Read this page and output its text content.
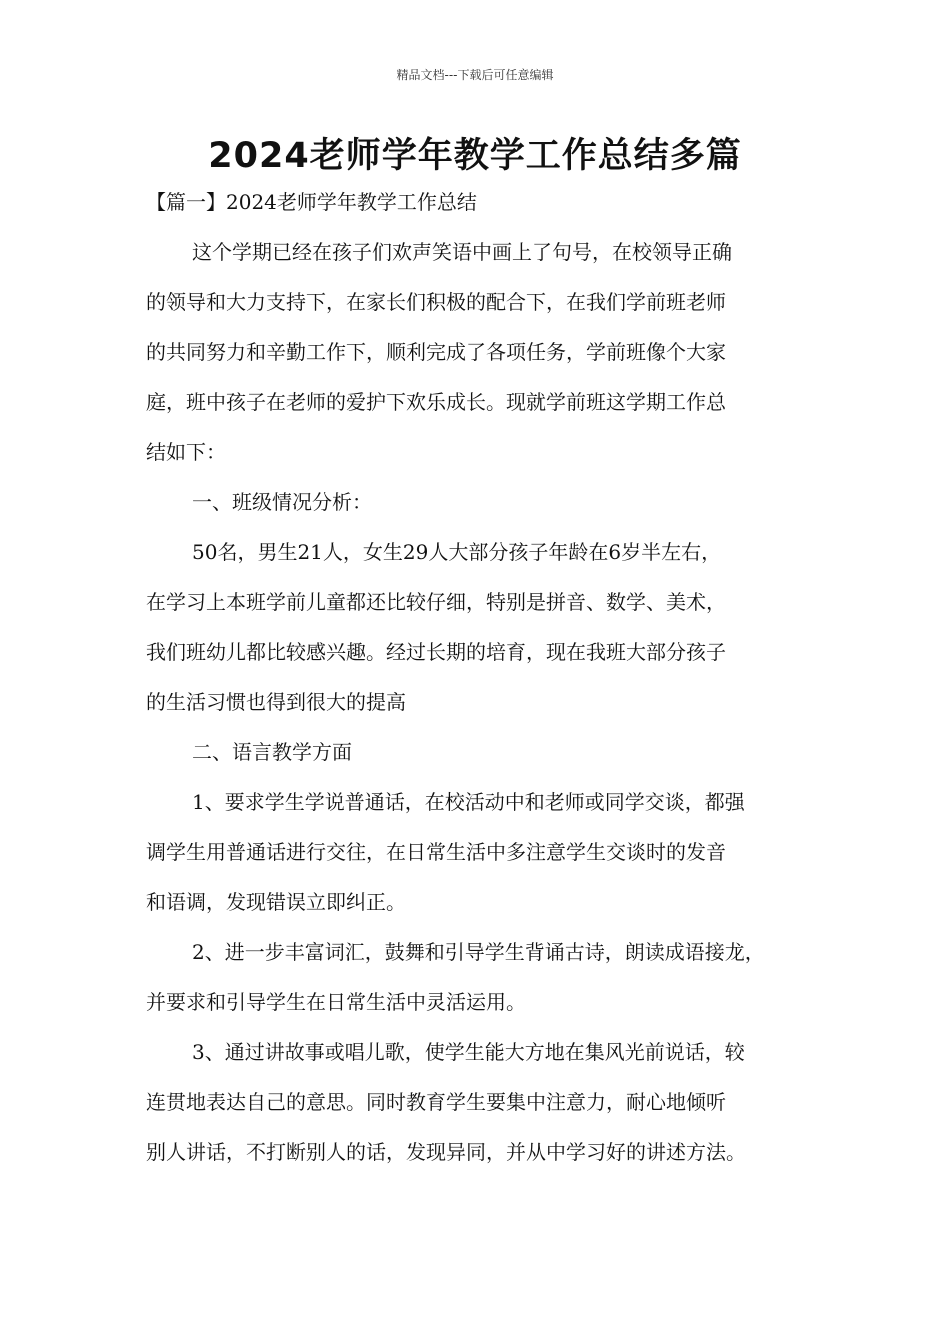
精品文档---下载后可任意编辑
2024老师学年教学工作总结多篇
【篇一】2024老师学年教学工作总结
这个学期已经在孩子们欢声笑语中画上了句号，在校领导正确
的领导和大力支持下，在家长们积极的配合下，在我们学前班老师
的共同努力和辛勤工作下，顺利完成了各项任务，学前班像个大家
庭，班中孩子在老师的爱护下欢乐成长。现就学前班这学期工作总
结如下：
一、班级情况分析：
50名，男生21人，女生29人大部分孩子年龄在6岁半左右，
在学习上本班学前儿童都还比较仔细，特别是拼音、数学、美术，
我们班幼儿都比较感兴趣。经过长期的培育，现在我班大部分孩子
的生活习惯也得到很大的提高
二、语言教学方面
1、要求学生学说普通话，在校活动中和老师或同学交谈，都强
调学生用普通话进行交往，在日常生活中多注意学生交谈时的发音
和语调，发现错误立即纠正。
2、进一步丰富词汇，鼓舞和引导学生背诵古诗，朗读成语接龙，
并要求和引导学生在日常生活中灵活运用。
3、通过讲故事或唱儿歌，使学生能大方地在集风光前说话，较
连贯地表达自己的意思。同时教育学生要集中注意力，耐心地倾听
别人讲话，不打断别人的话，发现异同，并从中学习好的讲述方法。
